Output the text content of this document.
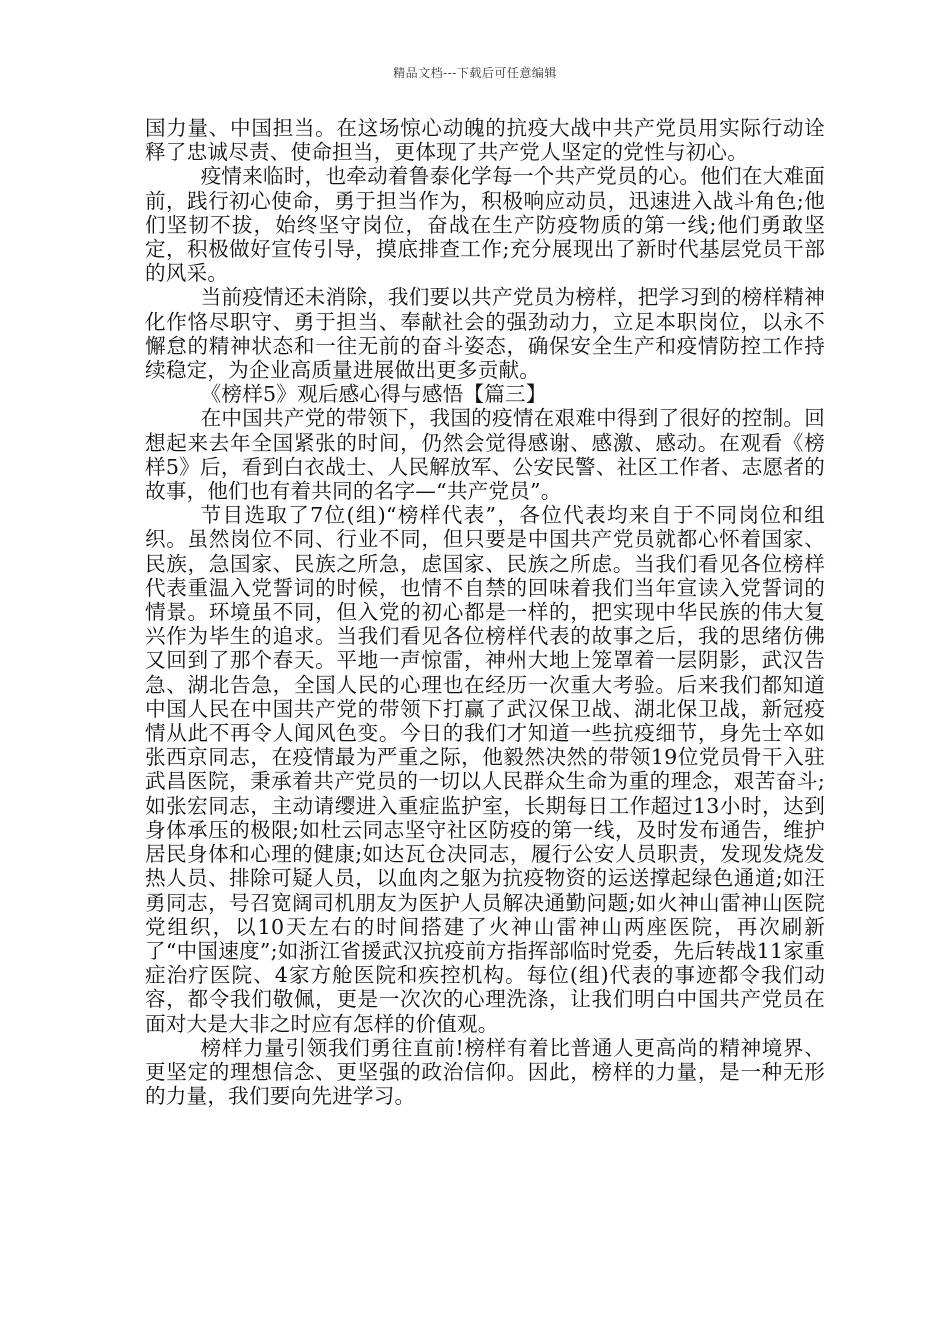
精品文档---下载后可任意编辑

国力量、中国担当。在这场惊心动魄的抗疫大战中共产党员用实际行动诠释了忠诚尽责、使命担当，更体现了共产党人坚定的党性与初心。

疫情来临时，也牵动着鲁泰化学每一个共产党员的心。他们在大难面前，践行初心使命，勇于担当作为，积极响应动员，迅速进入战斗角色;他们坚韧不拔，始终坚守岗位，奋战在生产防疫物质的第一线;他们勇敢坚定，积极做好宣传引导，摸底排查工作;充分展现出了新时代基层党员干部的风采。

当前疫情还未消除，我们要以共产党员为榜样，把学习到的榜样精神化作恪尽职守、勇于担当、奉献社会的强劲动力，立足本职岗位，以永不懈怠的精神状态和一往无前的奋斗姿态，确保安全生产和疫情防控工作持续稳定，为企业高质量进展做出更多贡献。

《榜样5》观后感心得与感悟【篇三】

在中国共产党的带领下，我国的疫情在艰难中得到了很好的控制。回想起来去年全国紧张的时间，仍然会觉得感谢、感激、感动。在观看《榜样5》后，看到白衣战士、人民解放军、公安民警、社区工作者、志愿者的故事，他们也有着共同的名字—“共产党员”。

节目选取了7位(组)“榜样代表”，各位代表均来自于不同岗位和组织。虽然岗位不同、行业不同，但只要是中国共产党员就都心怀着国家、民族，急国家、民族之所急，虑国家、民族之所虑。当我们看见各位榜样代表重温入党誓词的时候，也情不自禁的回味着我们当年宣读入党誓词的情景。环境虽不同，但入党的初心都是一样的，把实现中华民族的伟大复兴作为毕生的追求。当我们看见各位榜样代表的故事之后，我的思绪仿佛又回到了那个春天。平地一声惊雷，神州大地上笼罩着一层阴影，武汉告急、湖北告急，全国人民的心理也在经历一次重大考验。后来我们都知道中国人民在中国共产党的带领下打赢了武汉保卫战、湖北保卫战，新冠疫情从此不再令人闻风色变。今日的我们才知道一些抗疫细节，身先士卒如张西京同志，在疫情最为严重之际，他毅然决然的带领19位党员骨干入驻武昌医院，秉承着共产党员的一切以人民群众生命为重的理念，艰苦奋斗;如张宏同志，主动请缨进入重症监护室，长期每日工作超过13小时，达到身体承压的极限;如杜云同志坚守社区防疫的第一线，及时发布通告，维护居民身体和心理的健康;如达瓦仓决同志，履行公安人员职责，发现发烧发热人员、排除可疑人员，以血肉之躯为抗疫物资的运送撑起绿色通道;如汪勇同志，号召宽阔司机朋友为医护人员解决通勤问题;如火神山雷神山医院党组织，以10天左右的时间搭建了火神山雷神山两座医院，再次刷新了“中国速度”;如浙江省援武汉抗疫前方指挥部临时党委，先后转战11家重症治疗医院、4家方舱医院和疾控机构。每位(组)代表的事迹都令我们动容，都令我们敬佩，更是一次次的心理洗涤，让我们明白中国共产党员在面对大是大非之时应有怎样的价值观。

榜样力量引领我们勇往直前!榜样有着比普通人更高尚的精神境界、更坚定的理想信念、更坚强的政治信仰。因此，榜样的力量，是一种无形的力量，我们要向先进学习。
